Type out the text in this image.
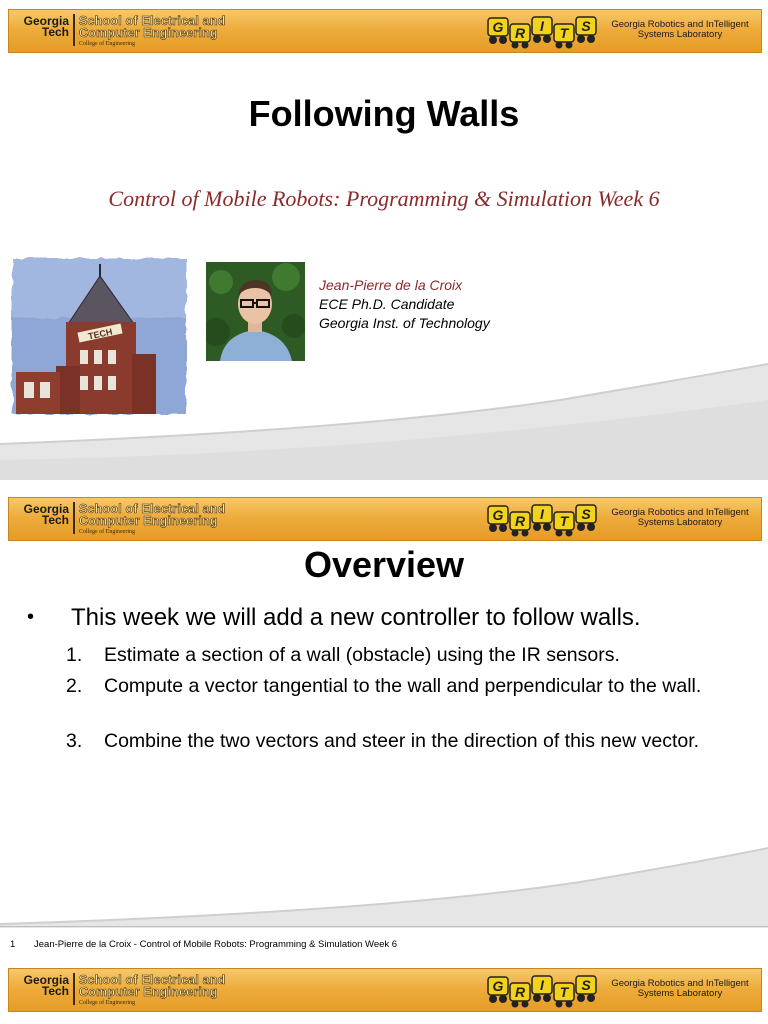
Georgia
Tech
School of Electrical and
Computer Engineering
College of Engineering
G R I T S	Georgia Robotics and InTelligent
Systems Laboratory
Following Walls
Control of Mobile Robots: Programming & Simulation Week 6
TECH
Jean-Pierre de la Croix
ECE Ph.D. Candidate
Georgia Inst. of Technology
Georgia
Tech
School of Electrical and
Computer Engineering
College of Engineering
G R I T S	Georgia Robotics and InTelligent
Systems Laboratory
Overview
• This week we will add a new controller to follow walls.
1. Estimate a section of a wall (obstacle) using the IR sensors.
2. Compute a vector tangential to the wall and perpendicular to the wall.
3. Combine the two vectors and steer in the direction of this new vector.
1 Jean-Pierre de la Croix - Control of Mobile Robots: Programming & Simulation Week 6
Georgia
Tech
School of Electrical and
Computer Engineering
College of Engineering
G R I T S	Georgia Robotics and InTelligent
Systems Laboratory
